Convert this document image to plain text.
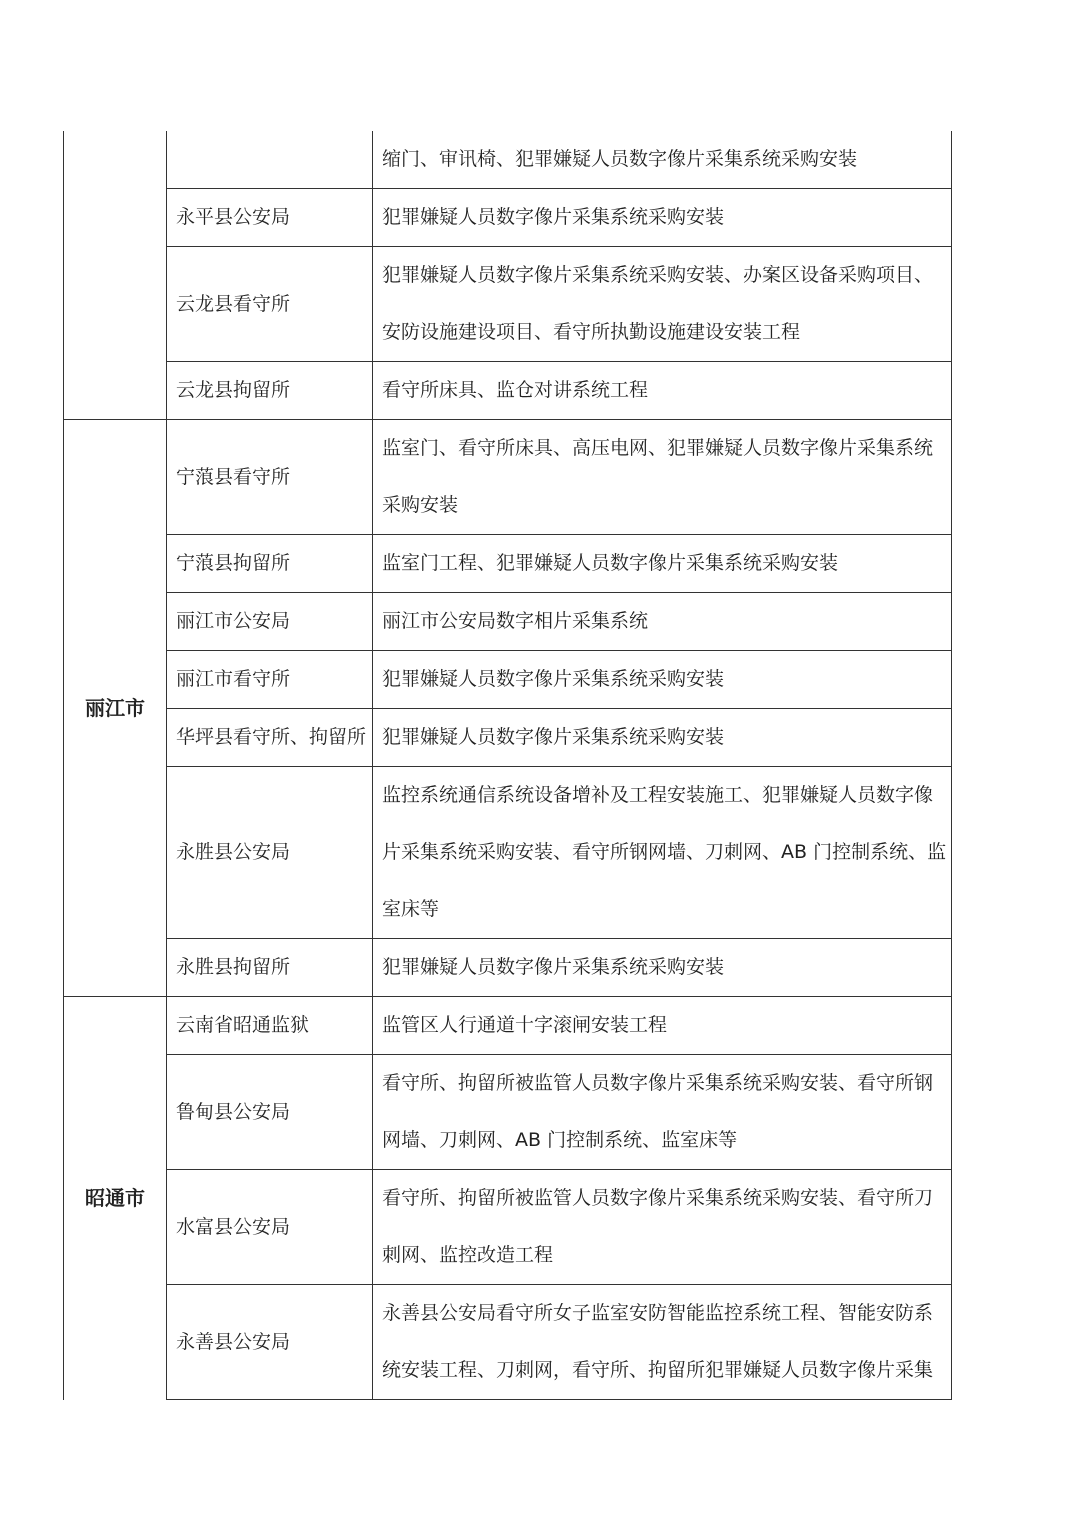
		缩门、审讯椅、犯罪嫌疑人员数字像片采集系统采购安装

	永平县公安局	犯罪嫌疑人员数字像片采集系统采购安装

	云龙县看守所	犯罪嫌疑人员数字像片采集系统采购安装、办案区设备采购项目、
安防设施建设项目、看守所执勤设施建设安装工程

	云龙县拘留所	看守所床具、监仓对讲系统工程

丽江市	宁蒗县看守所	监室门、看守所床具、高压电网、犯罪嫌疑人员数字像片采集系统
采购安装

	宁蒗县拘留所	监室门工程、犯罪嫌疑人员数字像片采集系统采购安装

	丽江市公安局	丽江市公安局数字相片采集系统

	丽江市看守所	犯罪嫌疑人员数字像片采集系统采购安装

	华坪县看守所、拘留所	犯罪嫌疑人员数字像片采集系统采购安装

	永胜县公安局	监控系统通信系统设备增补及工程安装施工、犯罪嫌疑人员数字像
片采集系统采购安装、看守所钢网墙、刀刺网、AB 门控制系统、监
室床等

	永胜县拘留所	犯罪嫌疑人员数字像片采集系统采购安装

昭通市	云南省昭通监狱	监管区人行通道十字滚闸安装工程

	鲁甸县公安局	看守所、拘留所被监管人员数字像片采集系统采购安装、看守所钢
网墙、刀刺网、AB 门控制系统、监室床等

	水富县公安局	看守所、拘留所被监管人员数字像片采集系统采购安装、看守所刀
刺网、监控改造工程

	永善县公安局	永善县公安局看守所女子监室安防智能监控系统工程、智能安防系
统安装工程、刀刺网，看守所、拘留所犯罪嫌疑人员数字像片采集
